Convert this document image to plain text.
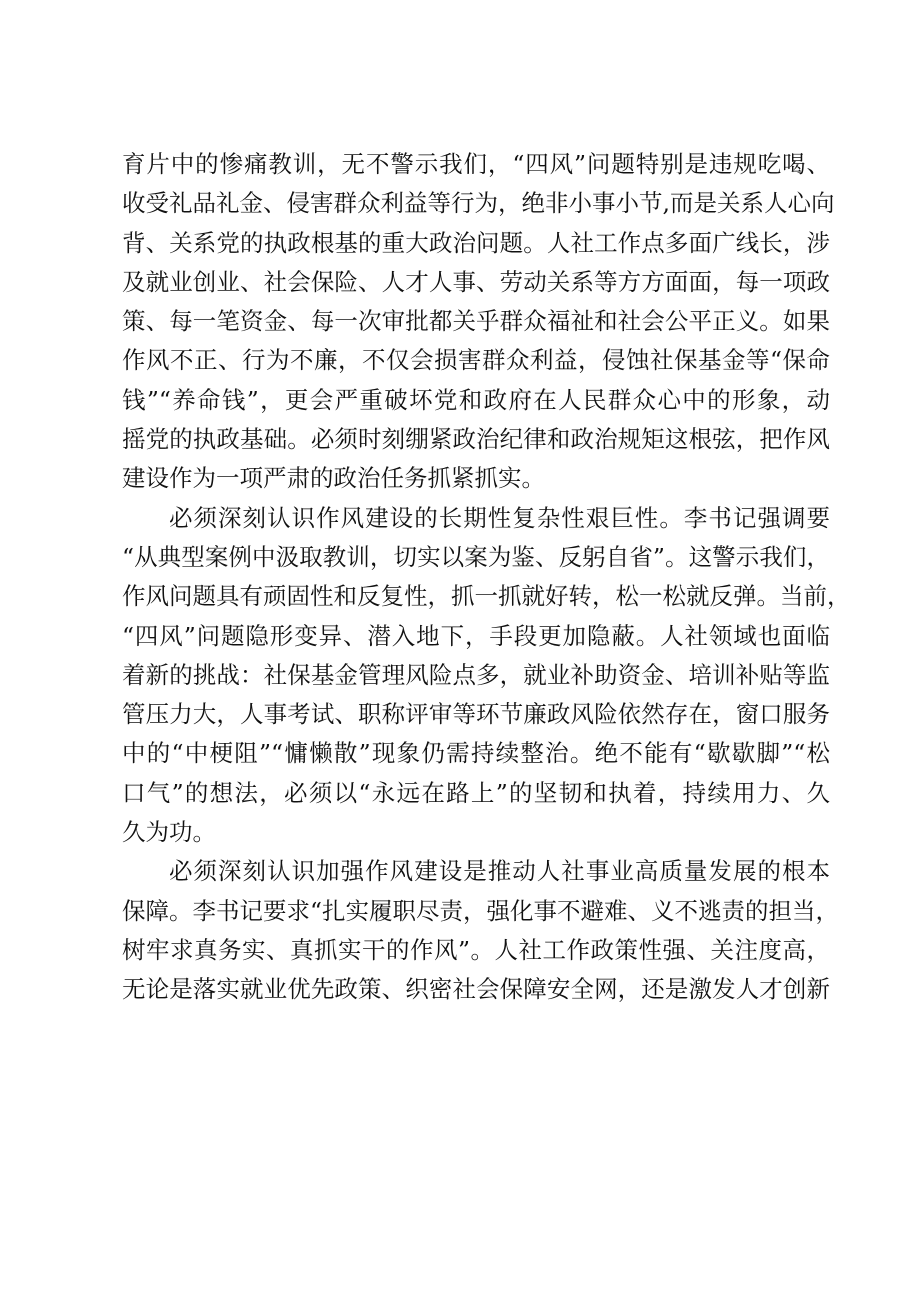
育片中的惨痛教训，无不警示我们，“四风”问题特别是违规吃喝、
收受礼品礼金、侵害群众利益等行为，绝非小事小节,而是关系人心向
背、关系党的执政根基的重大政治问题。人社工作点多面广线长，涉
及就业创业、社会保险、人才人事、劳动关系等方方面面，每一项政
策、每一笔资金、每一次审批都关乎群众福祉和社会公平正义。如果
作风不正、行为不廉，不仅会损害群众利益，侵蚀社保基金等“保命
钱”“养命钱”，更会严重破坏党和政府在人民群众心中的形象，动
摇党的执政基础。必须时刻绷紧政治纪律和政治规矩这根弦，把作风
建设作为一项严肃的政治任务抓紧抓实。
必须深刻认识作风建设的长期性复杂性艰巨性。李书记强调要
“从典型案例中汲取教训，切实以案为鉴、反躬自省”。这警示我们，
作风问题具有顽固性和反复性，抓一抓就好转，松一松就反弹。当前，
“四风”问题隐形变异、潜入地下，手段更加隐蔽。人社领域也面临
着新的挑战：社保基金管理风险点多，就业补助资金、培训补贴等监
管压力大，人事考试、职称评审等环节廉政风险依然存在，窗口服务
中的“中梗阻”“慵懒散”现象仍需持续整治。绝不能有“歇歇脚”“松
口气”的想法，必须以“永远在路上”的坚韧和执着，持续用力、久
久为功。
必须深刻认识加强作风建设是推动人社事业高质量发展的根本
保障。李书记要求“扎实履职尽责，强化事不避难、义不逃责的担当，
树牢求真务实、真抓实干的作风”。人社工作政策性强、关注度高，
无论是落实就业优先政策、织密社会保障安全网，还是激发人才创新
